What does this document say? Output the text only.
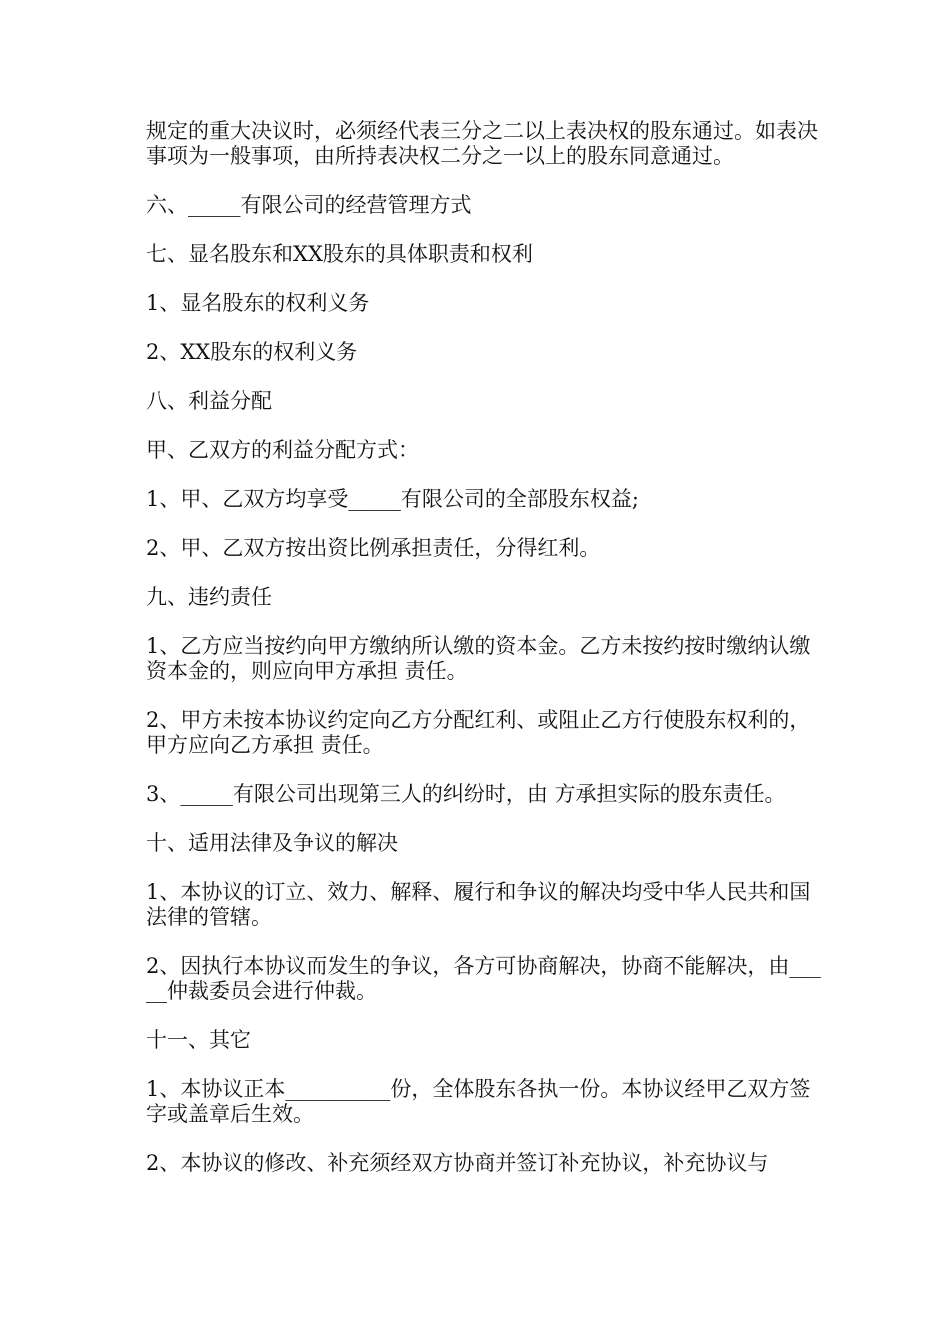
规定的重大决议时，必须经代表三分之二以上表决权的股东通过。如表决事项为一般事项，由所持表决权二分之一以上的股东同意通过。

六、_____有限公司的经营管理方式

七、显名股东和XX股东的具体职责和权利

1、显名股东的权利义务

2、XX股东的权利义务

八、利益分配

甲、乙双方的利益分配方式：

1、甲、乙双方均享受_____有限公司的全部股东权益;

2、甲、乙双方按出资比例承担责任，分得红利。

九、违约责任

1、乙方应当按约向甲方缴纳所认缴的资本金。乙方未按约按时缴纳认缴资本金的，则应向甲方承担 责任。

2、甲方未按本协议约定向乙方分配红利、或阻止乙方行使股东权利的，甲方应向乙方承担 责任。

3、_____有限公司出现第三人的纠纷时，由 方承担实际的股东责任。

十、适用法律及争议的解决

1、本协议的订立、效力、解释、履行和争议的解决均受中华人民共和国法律的管辖。

2、因执行本协议而发生的争议，各方可协商解决，协商不能解决，由_____仲裁委员会进行仲裁。

十一、其它

1、本协议正本__________份，全体股东各执一份。本协议经甲乙双方签字或盖章后生效。

2、本协议的修改、补充须经双方协商并签订补充协议，补充协议与
